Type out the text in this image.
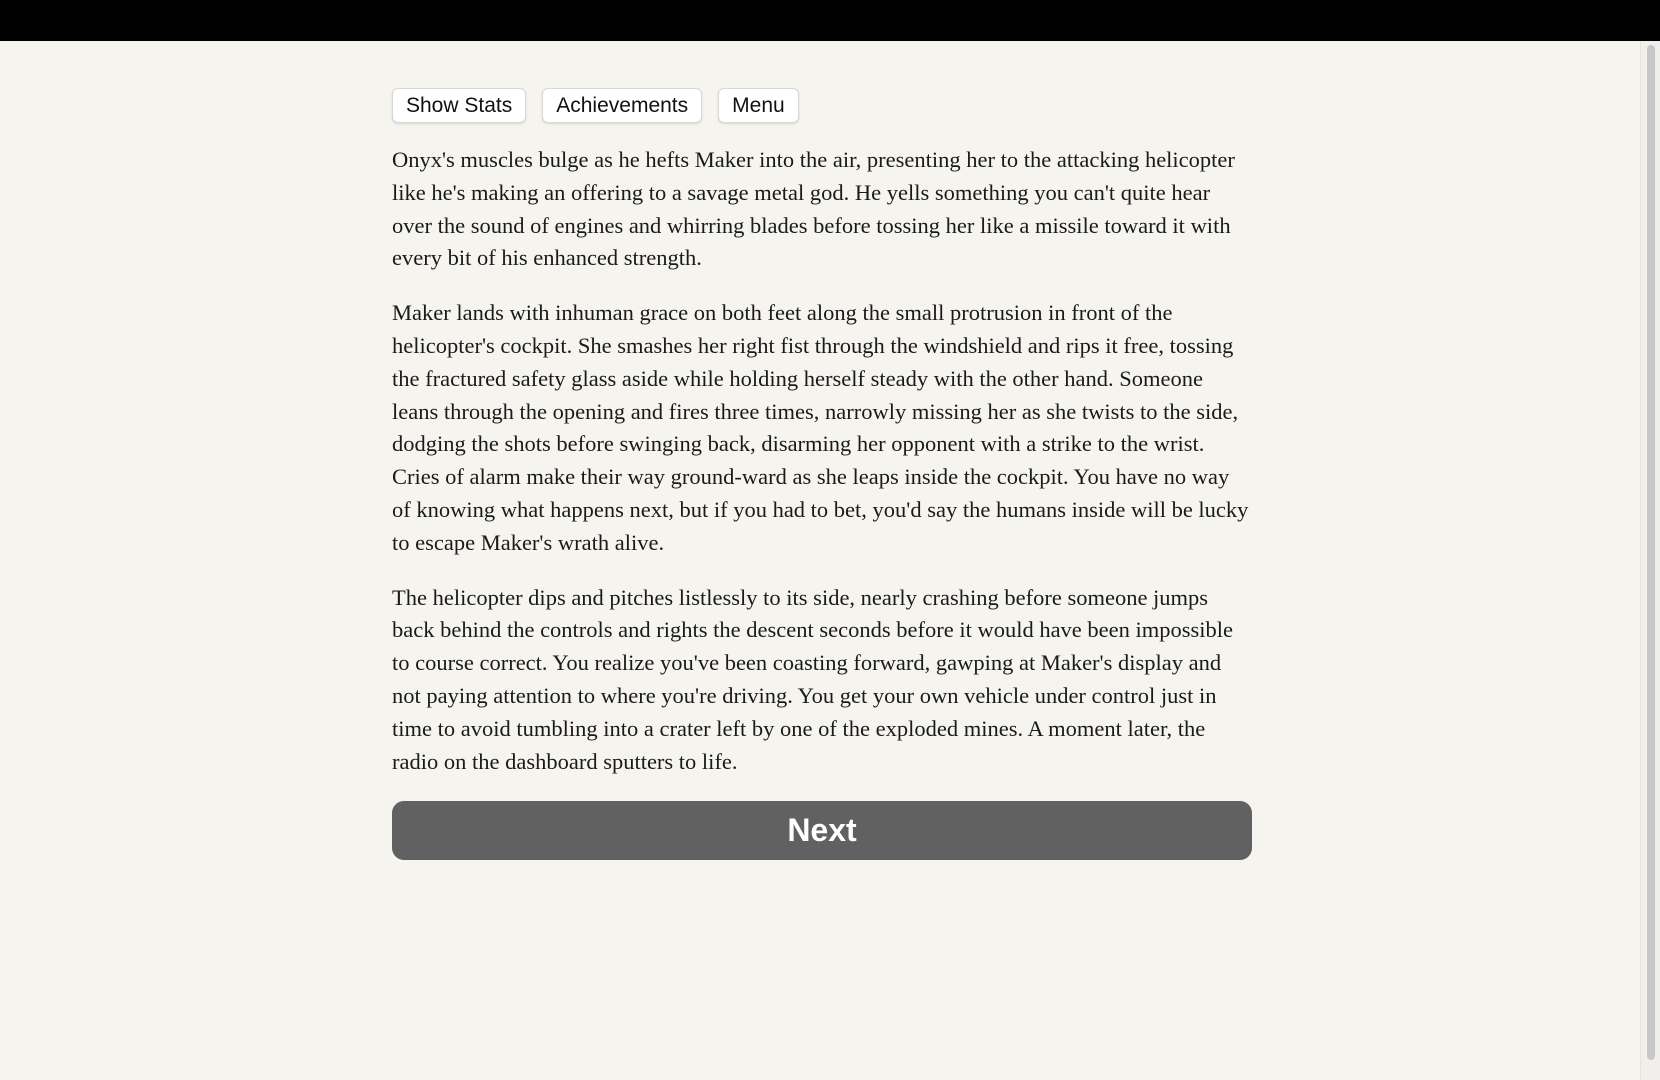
Show Stats	Achievements	Menu

Onyx's muscles bulge as he hefts Maker into the air, presenting her to the attacking helicopter like he's making an offering to a savage metal god. He yells something you can't quite hear over the sound of engines and whirring blades before tossing her like a missile toward it with every bit of his enhanced strength.

Maker lands with inhuman grace on both feet along the small protrusion in front of the helicopter's cockpit. She smashes her right fist through the windshield and rips it free, tossing the fractured safety glass aside while holding herself steady with the other hand. Someone leans through the opening and fires three times, narrowly missing her as she twists to the side, dodging the shots before swinging back, disarming her opponent with a strike to the wrist. Cries of alarm make their way ground-ward as she leaps inside the cockpit. You have no way of knowing what happens next, but if you had to bet, you'd say the humans inside will be lucky to escape Maker's wrath alive.

The helicopter dips and pitches listlessly to its side, nearly crashing before someone jumps back behind the controls and rights the descent seconds before it would have been impossible to course correct. You realize you've been coasting forward, gawping at Maker's display and not paying attention to where you're driving. You get your own vehicle under control just in time to avoid tumbling into a crater left by one of the exploded mines. A moment later, the radio on the dashboard sputters to life.

Next
